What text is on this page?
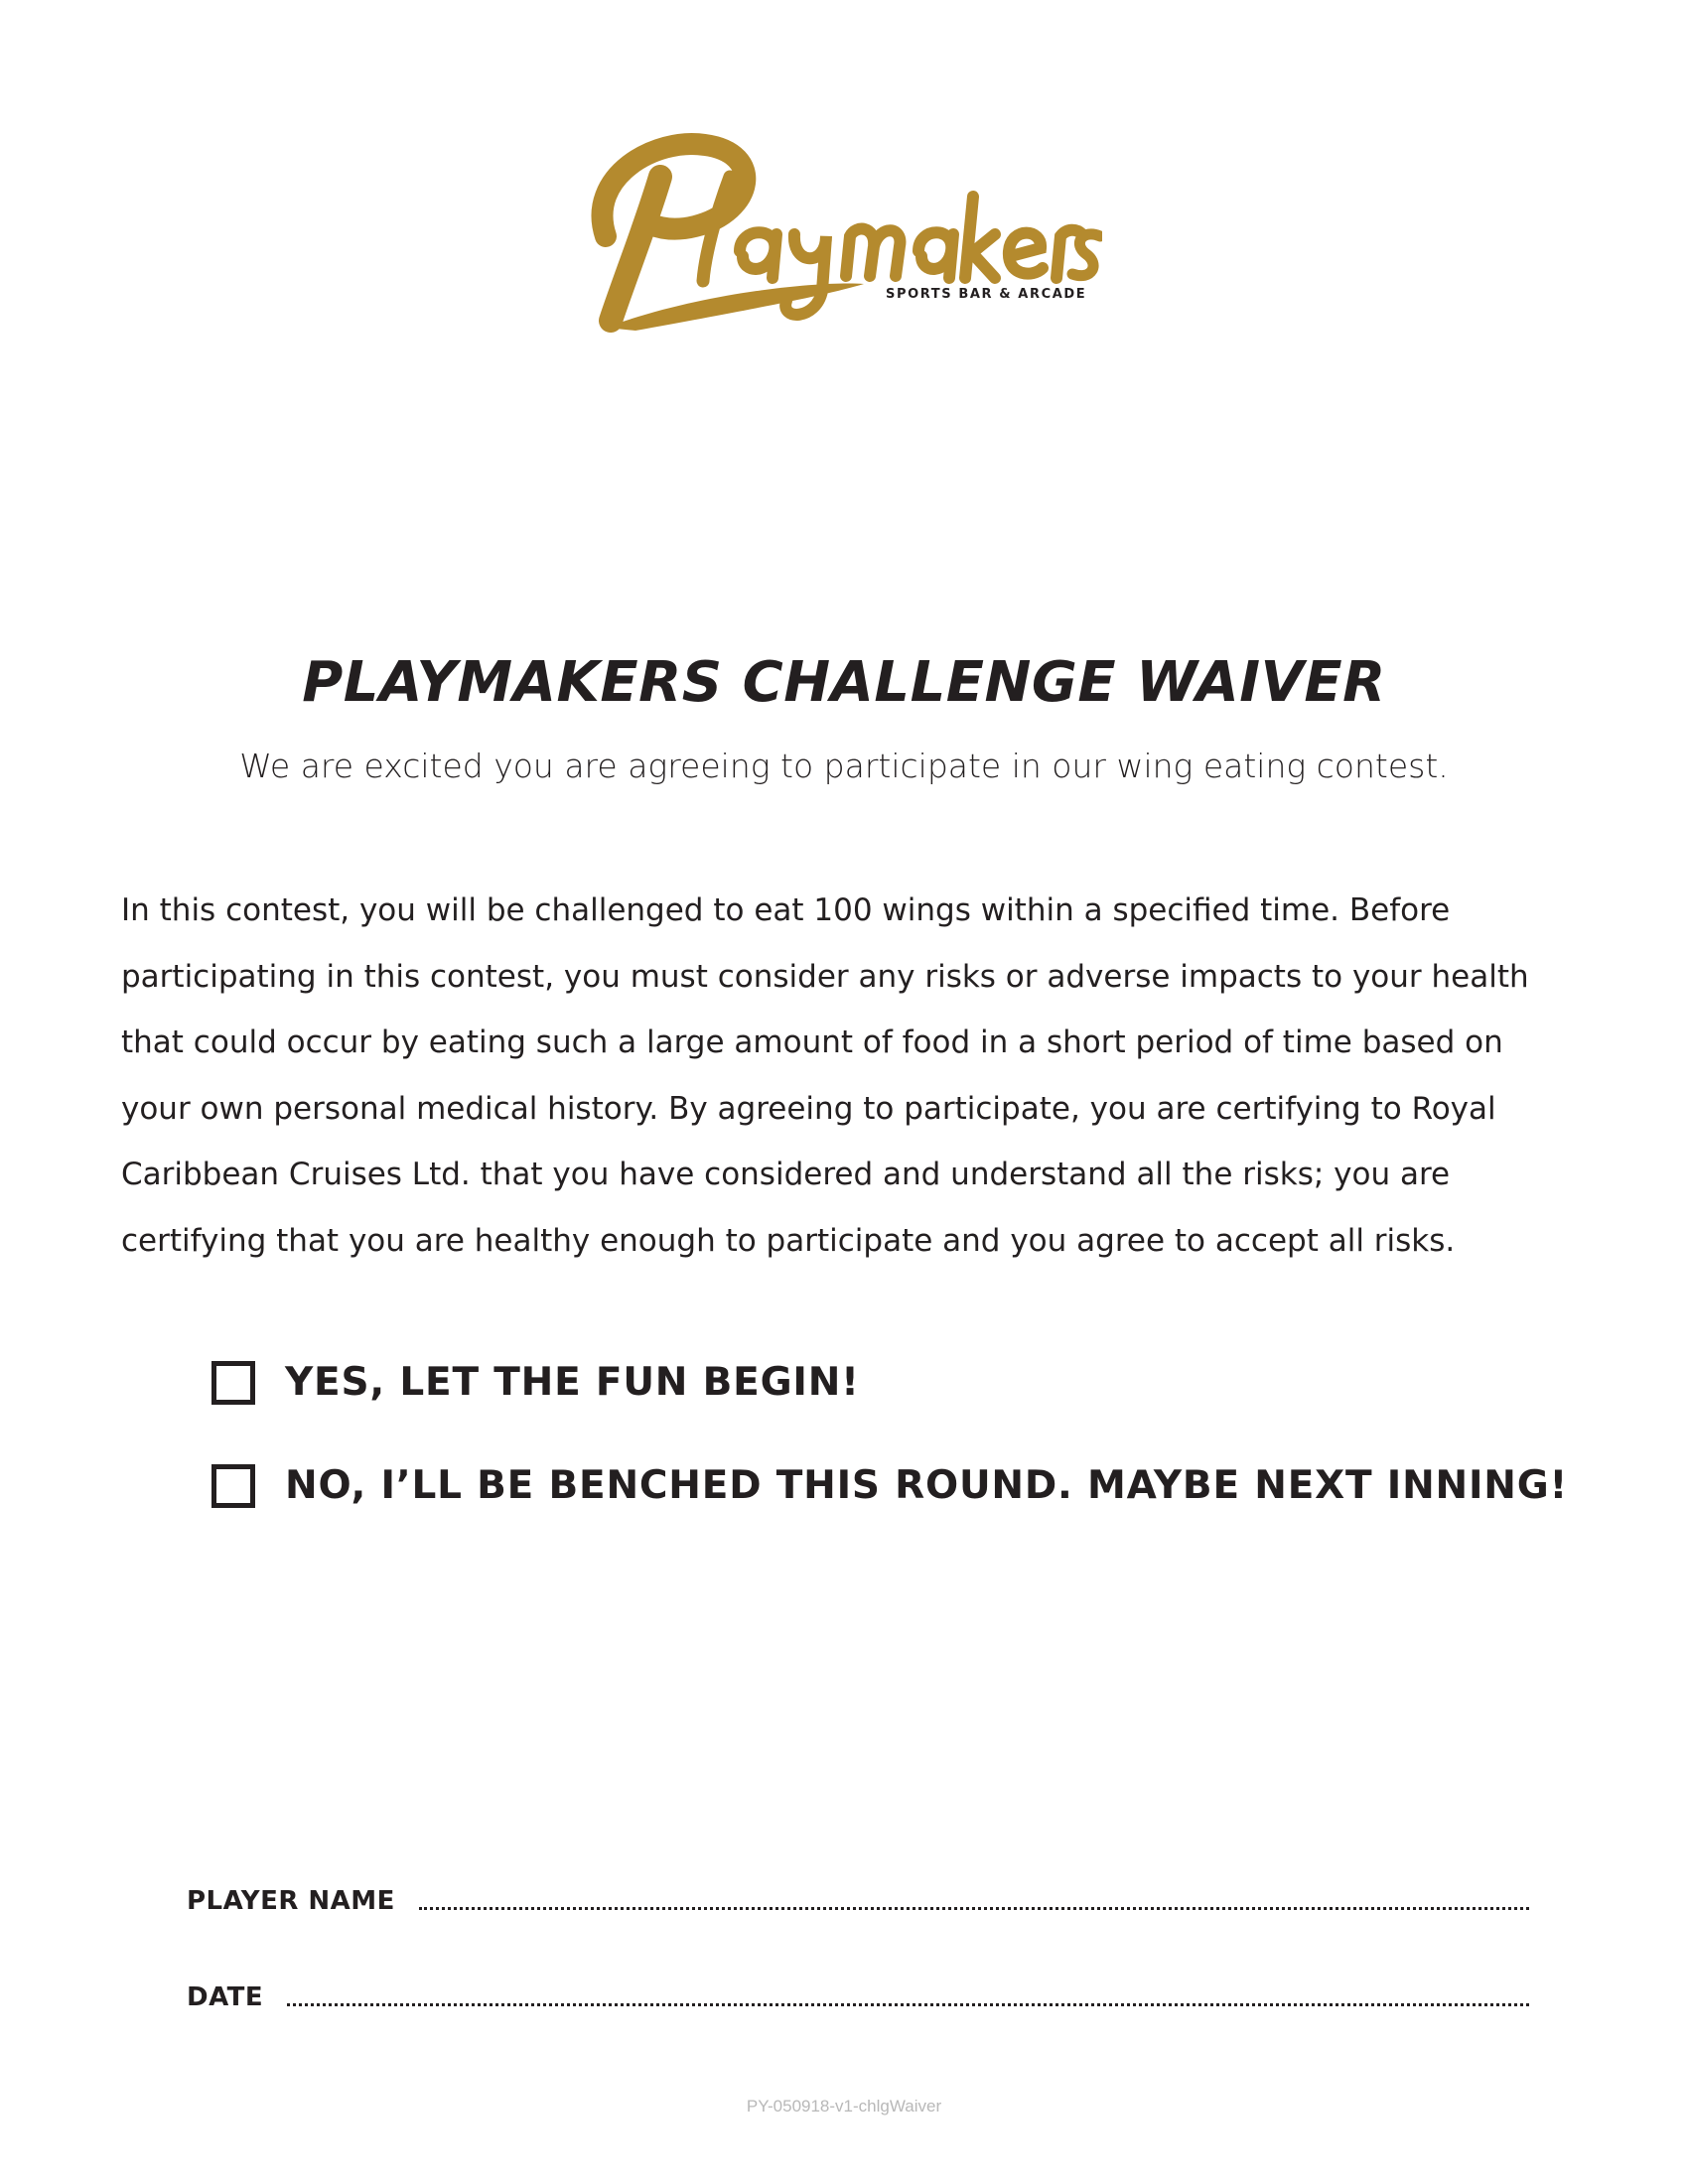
SPORTS BAR & ARCADE
PLAYMAKERS CHALLENGE WAIVER
We are excited you are agreeing to participate in our wing eating contest.
In this contest, you will be challenged to eat 100 wings within a specified time. Before participating in this contest, you must consider any risks or adverse impacts to your health that could occur by eating such a large amount of food in a short period of time based on your own personal medical history. By agreeing to participate, you are certifying to Royal Caribbean Cruises Ltd. that you have considered and understand all the risks; you are certifying that you are healthy enough to participate and you agree to accept all risks.
YES, LET THE FUN BEGIN!
NO, I’LL BE BENCHED THIS ROUND. MAYBE NEXT INNING!
PLAYER NAME
DATE
PY-050918-v1-chlgWaiver
